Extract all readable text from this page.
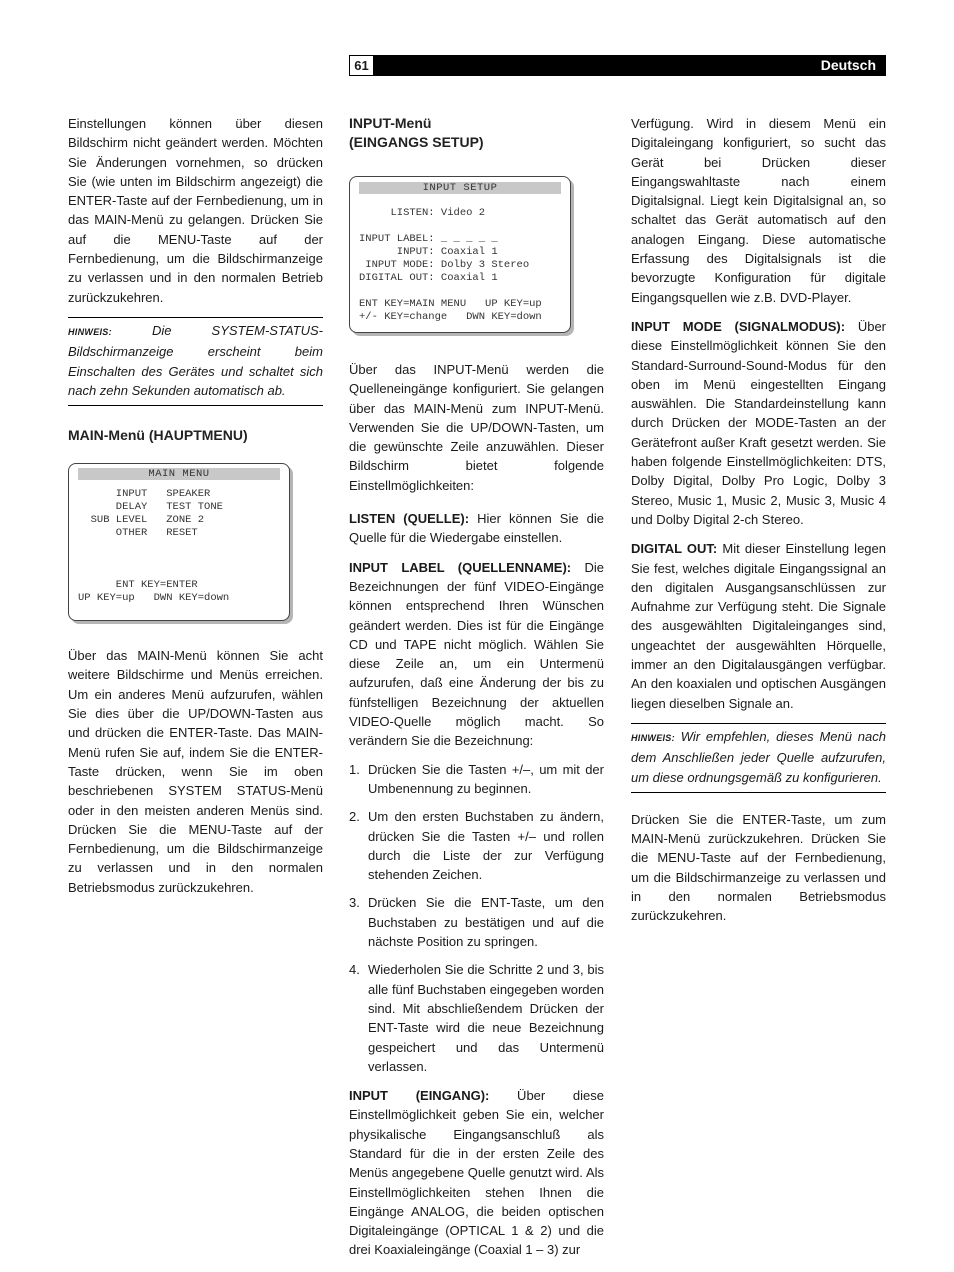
61	Deutsch

Einstellungen können über diesen Bildschirm nicht geändert werden. Möchten Sie Änderungen vornehmen, so drücken Sie (wie unten im Bildschirm angezeigt) die ENTER-Taste auf der Fernbedienung, um in das MAIN-Menü zu gelangen. Drücken Sie auf die MENU-Taste auf der Fernbedienung, um die Bildschirmanzeige zu verlassen und in den normalen Betrieb zurückzukehren.

HINWEIS: Die SYSTEM-STATUS-Bildschirmanzeige erscheint beim Einschalten des Gerätes und schaltet sich nach zehn Sekunden automatisch ab.

MAIN-Menü (HAUPTMENU)

MAIN MENU
INPUT   SPEAKER
DELAY   TEST TONE
SUB LEVEL   ZONE 2
OTHER   RESET

ENT KEY=ENTER
UP KEY=up   DWN KEY=down

Über das MAIN-Menü können Sie acht weitere Bildschirme und Menüs erreichen. Um ein anderes Menü aufzurufen, wählen Sie dies über die UP/DOWN-Tasten aus und drücken die ENTER-Taste. Das MAIN-Menü rufen Sie auf, indem Sie die ENTER-Taste drücken, wenn Sie im oben beschriebenen SYSTEM STATUS-Menü oder in den meisten anderen Menüs sind. Drücken Sie die MENU-Taste auf der Fernbedienung, um die Bildschirmanzeige zu verlassen und in den normalen Betriebsmodus zurückzukehren.

INPUT-Menü

(EINGANGS SETUP)

INPUT SETUP

LISTEN: Video 2

INPUT LABEL: _ _ _ _ _
INPUT: Coaxial 1
INPUT MODE: Dolby 3 Stereo
DIGITAL OUT: Coaxial 1

ENT KEY=MAIN MENU   UP KEY=up
+/- KEY=change   DWN KEY=down

Über das INPUT-Menü werden die Quelleneingänge konfiguriert. Sie gelangen über das MAIN-Menü zum INPUT-Menü. Verwenden Sie die UP/DOWN-Tasten, um die gewünschte Zeile anzuwählen. Dieser Bildschirm bietet folgende Einstellmöglichkeiten:

LISTEN (QUELLE): Hier können Sie die Quelle für die Wiedergabe einstellen.

INPUT LABEL (QUELLENNAME): Die Bezeichnungen der fünf VIDEO-Eingänge können entsprechend Ihren Wünschen geändert werden. Dies ist für die Eingänge CD und TAPE nicht möglich. Wählen Sie diese Zeile an, um ein Untermenü aufzurufen, daß eine Änderung der bis zu fünfstelligen Bezeichnung der aktuellen VIDEO-Quelle möglich macht. So verändern Sie die Bezeichnung:

1. Drücken Sie die Tasten +/–, um mit der Umbenennung zu beginnen.
2. Um den ersten Buchstaben zu ändern, drücken Sie die Tasten +/– und rollen durch die Liste der zur Verfügung stehenden Zeichen.
3. Drücken Sie die ENT-Taste, um den Buchstaben zu bestätigen und auf die nächste Position zu springen.
4. Wiederholen Sie die Schritte 2 und 3, bis alle fünf Buchstaben eingegeben worden sind. Mit abschließendem Drücken der ENT-Taste wird die neue Bezeichnung gespeichert und das Untermenü verlassen.

INPUT (EINGANG): Über diese Einstellmöglichkeit geben Sie ein, welcher physikalische Eingangsanschluß als Standard für die in der ersten Zeile des Menüs angegebene Quelle genutzt wird. Als Einstellmöglichkeiten stehen Ihnen die Eingänge ANALOG, die beiden optischen Digitaleingänge (OPTICAL 1 & 2) und die drei Koaxialeingänge (Coaxial 1 – 3) zur

Verfügung. Wird in diesem Menü ein Digitaleingang konfiguriert, so sucht das Gerät bei Drücken dieser Eingangswahltaste nach einem Digitalsignal. Liegt kein Digitalsignal an, so schaltet das Gerät automatisch auf den analogen Eingang. Diese automatische Erfassung des Digitalsignals ist die bevorzugte Konfiguration für digitale Eingangsquellen wie z.B. DVD-Player.

INPUT MODE (SIGNALMODUS): Über diese Einstellmöglichkeit können Sie den Standard-Surround-Sound-Modus für den oben im Menü eingestellten Eingang auswählen. Die Standardeinstellung kann durch Drücken der MODE-Tasten an der Gerätefront außer Kraft gesetzt werden. Sie haben folgende Einstellmöglichkeiten: DTS, Dolby Digital, Dolby Pro Logic, Dolby 3 Stereo, Music 1, Music 2, Music 3, Music 4 und Dolby Digital 2-ch Stereo.

DIGITAL OUT: Mit dieser Einstellung legen Sie fest, welches digitale Eingangssignal an den digitalen Ausgangsanschlüssen zur Aufnahme zur Verfügung steht. Die Signale des ausgewählten Digitaleinganges sind, ungeachtet der ausgewählten Hörquelle, immer an den Digitalausgängen verfügbar. An den koaxialen und optischen Ausgängen liegen dieselben Signale an.

HINWEIS: Wir empfehlen, dieses Menü nach dem Anschließen jeder Quelle aufzurufen, um diese ordnungsgemäß zu konfigurieren.

Drücken Sie die ENTER-Taste, um zum MAIN-Menü zurückzukehren. Drücken Sie die MENU-Taste auf der Fernbedienung, um die Bildschirmanzeige zu verlassen und in den normalen Betriebsmodus zurückzukehren.
